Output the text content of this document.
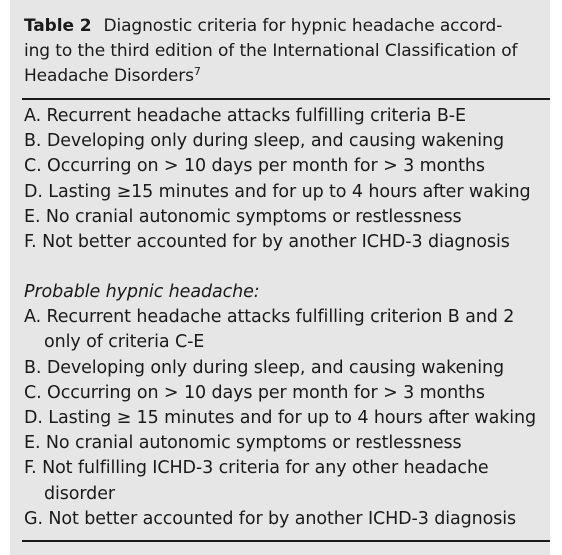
Table 2 Diagnostic criteria for hypnic headache accord-
ing to the third edition of the International Classification of
Headache Disorders$^7$
A. Recurrent headache attacks fulfilling criteria B-E
B. Developing only during sleep, and causing wakening
C. Occurring on > 10 days per month for > 3 months
D. Lasting ≥15 minutes and for up to 4 hours after waking
E. No cranial autonomic symptoms or restlessness
F. Not better accounted for by another ICHD-3 diagnosis
Probable hypnic headache:
A. Recurrent headache attacks fulfilling criterion B and 2
only of criteria C-E
B. Developing only during sleep, and causing wakening
C. Occurring on > 10 days per month for > 3 months
D. Lasting ≥ 15 minutes and for up to 4 hours after waking
E. No cranial autonomic symptoms or restlessness
F. Not fulfilling ICHD-3 criteria for any other headache
disorder
G. Not better accounted for by another ICHD-3 diagnosis
